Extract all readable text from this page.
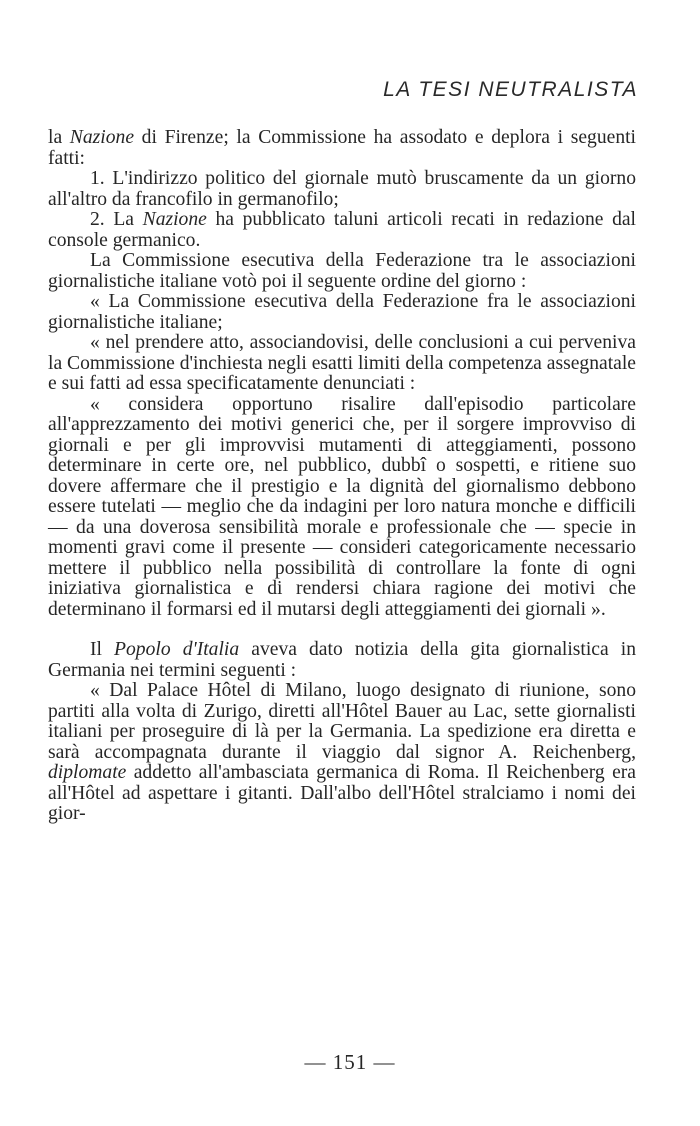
LA TESI NEUTRALISTA

la Nazione di Firenze; la Commissione ha assodato e deplora i seguenti fatti:

1. L'indirizzo politico del giornale mutò bruscamente da un giorno all'altro da francofilo in germanofilo;

2. La Nazione ha pubblicato taluni articoli recati in redazione dal console germanico.

La Commissione esecutiva della Federazione tra le associazioni giornalistiche italiane votò poi il seguente ordine del giorno :

« La Commissione esecutiva della Federazione fra le associazioni giornalistiche italiane;

« nel prendere atto, associandovisi, delle conclusioni a cui perveniva la Commissione d'inchiesta negli esatti limiti della competenza assegnatale e sui fatti ad essa specificatamente denunciati :

« considera opportuno risalire dall'episodio particolare all'apprezzamento dei motivi generici che, per il sorgere improvviso di giornali e per gli improvvisi mutamenti di atteggiamenti, possono determinare in certe ore, nel pubblico, dubbî o sospetti, e ritiene suo dovere affermare che il prestigio e la dignità del giornalismo debbono essere tutelati — meglio che da indagini per loro natura monche e difficili — da una doverosa sensibilità morale e professionale che — specie in momenti gravi come il presente — consideri categoricamente necessario mettere il pubblico nella possibilità di controllare la fonte di ogni iniziativa giornalistica e di rendersi chiara ragione dei motivi che determinano il formarsi ed il mutarsi degli atteggiamenti dei giornali ».

Il Popolo d'Italia aveva dato notizia della gita giornalistica in Germania nei termini seguenti :

« Dal Palace Hôtel di Milano, luogo designato di riunione, sono partiti alla volta di Zurigo, diretti all'Hôtel Bauer au Lac, sette giornalisti italiani per proseguire di là per la Germania. La spedizione era diretta e sarà accompagnata durante il viaggio dal signor A. Reichenberg, diplomate addetto all'ambasciata germanica di Roma. Il Reichenberg era all'Hôtel ad aspettare i gitanti. Dall'albo dell'Hôtel stralciamo i nomi dei gior-

— 151 —
